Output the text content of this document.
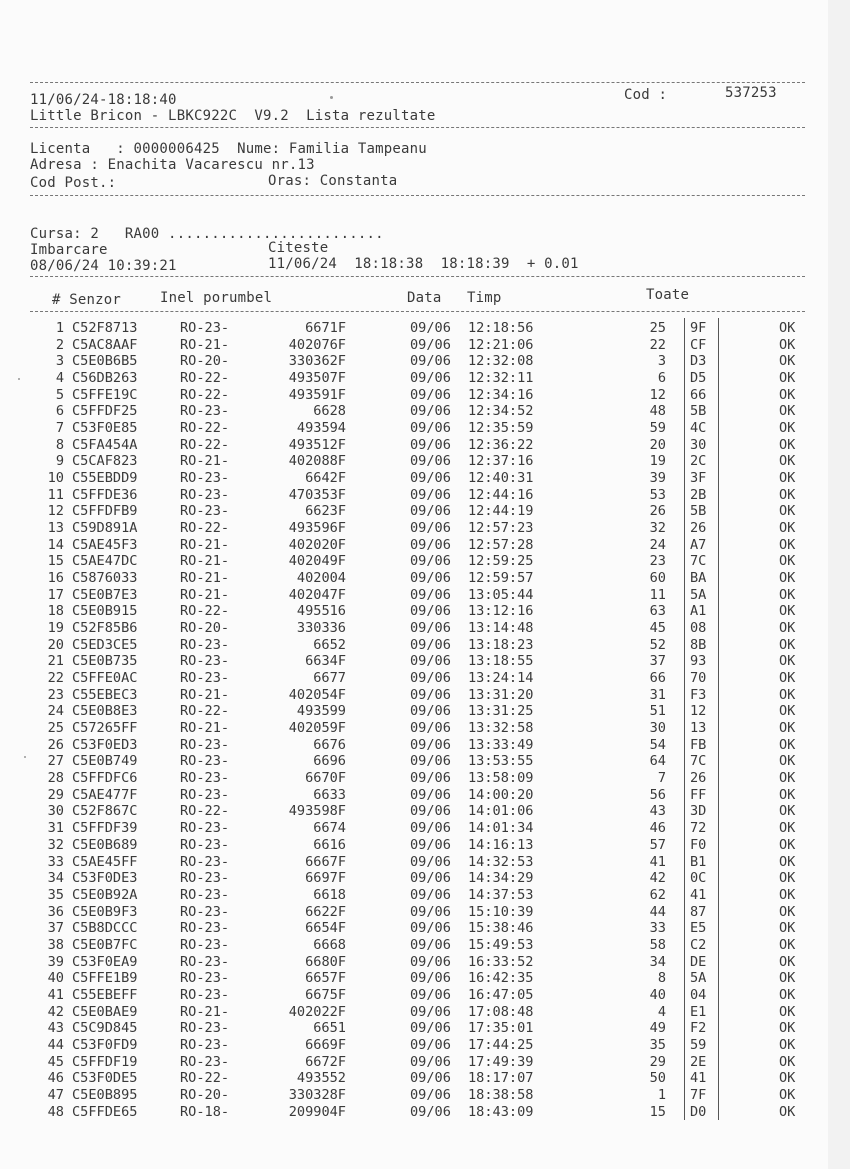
11/06/24-18:18:40	Cod :	537253
Little Bricon - LBKC922C  V9.2  Lista rezultate
Licenta   : 0000006425  Nume: Familia Tampeanu
Adresa : Enachita Vacarescu nr.13
Cod Post.:	Oras: Constanta
Cursa: 2   RA00 .........................
Imbarcare	Citeste
08/06/24 10:39:21	11/06/24  18:18:38  18:18:39  + 0.01
# Senzor	Inel porumbel	Data Timp	Toate
1 C52F8713	RO-23-	6671F	09/06 12:18:56	25 9F	OK
2 C5AC8AAF	RO-21-	402076F	09/06 12:21:06	22 CF	OK
3 C5E0B6B5	RO-20-	330362F	09/06 12:32:08	3 D3	OK
4 C56DB263	RO-22-	493507F	09/06 12:32:11	6 D5	OK
5 C5FFE19C	RO-22-	493591F	09/06 12:34:16	12 66	OK
6 C5FFDF25	RO-23-	6628	09/06 12:34:52	48 5B	OK
7 C53F0E85	RO-22-	493594	09/06 12:35:59	59 4C	OK
8 C5FA454A	RO-22-	493512F	09/06 12:36:22	20 30	OK
9 C5CAF823	RO-21-	402088F	09/06 12:37:16	19 2C	OK
10 C55EBDD9	RO-23-	6642F	09/06 12:40:31	39 3F	OK
11 C5FFDE36	RO-23-	470353F	09/06 12:44:16	53 2B	OK
12 C5FFDFB9	RO-23-	6623F	09/06 12:44:19	26 5B	OK
13 C59D891A	RO-22-	493596F	09/06 12:57:23	32 26	OK
14 C5AE45F3	RO-21-	402020F	09/06 12:57:28	24 A7	OK
15 C5AE47DC	RO-21-	402049F	09/06 12:59:25	23 7C	OK
16 C5876033	RO-21-	402004	09/06 12:59:57	60 BA	OK
17 C5E0B7E3	RO-21-	402047F	09/06 13:05:44	11 5A	OK
18 C5E0B915	RO-22-	495516	09/06 13:12:16	63 A1	OK
19 C52F85B6	RO-20-	330336	09/06 13:14:48	45 08	OK
20 C5ED3CE5	RO-23-	6652	09/06 13:18:23	52 8B	OK
21 C5E0B735	RO-23-	6634F	09/06 13:18:55	37 93	OK
22 C5FFE0AC	RO-23-	6677	09/06 13:24:14	66 70	OK
23 C55EBEC3	RO-21-	402054F	09/06 13:31:20	31 F3	OK
24 C5E0B8E3	RO-22-	493599	09/06 13:31:25	51 12	OK
25 C57265FF	RO-21-	402059F	09/06 13:32:58	30 13	OK
26 C53F0ED3	RO-23-	6676	09/06 13:33:49	54 FB	OK
27 C5E0B749	RO-23-	6696	09/06 13:53:55	64 7C	OK
28 C5FFDFC6	RO-23-	6670F	09/06 13:58:09	7 26	OK
29 C5AE477F	RO-23-	6633	09/06 14:00:20	56 FF	OK
30 C52F867C	RO-22-	493598F	09/06 14:01:06	43 3D	OK
31 C5FFDF39	RO-23-	6674	09/06 14:01:34	46 72	OK
32 C5E0B689	RO-23-	6616	09/06 14:16:13	57 F0	OK
33 C5AE45FF	RO-23-	6667F	09/06 14:32:53	41 B1	OK
34 C53F0DE3	RO-23-	6697F	09/06 14:34:29	42 0C	OK
35 C5E0B92A	RO-23-	6618	09/06 14:37:53	62 41	OK
36 C5E0B9F3	RO-23-	6622F	09/06 15:10:39	44 87	OK
37 C5B8DCCC	RO-23-	6654F	09/06 15:38:46	33 E5	OK
38 C5E0B7FC	RO-23-	6668	09/06 15:49:53	58 C2	OK
39 C53F0EA9	RO-23-	6680F	09/06 16:33:52	34 DE	OK
40 C5FFE1B9	RO-23-	6657F	09/06 16:42:35	8 5A	OK
41 C55EBEFF	RO-23-	6675F	09/06 16:47:05	40 04	OK
42 C5E0BAE9	RO-21-	402022F	09/06 17:08:48	4 E1	OK
43 C5C9D845	RO-23-	6651	09/06 17:35:01	49 F2	OK
44 C53F0FD9	RO-23-	6669F	09/06 17:44:25	35 59	OK
45 C5FFDF19	RO-23-	6672F	09/06 17:49:39	29 2E	OK
46 C53F0DE5	RO-22-	493552	09/06 18:17:07	50 41	OK
47 C5E0B895	RO-20-	330328F	09/06 18:38:58	1 7F	OK
48 C5FFDE65	RO-18-	209904F	09/06 18:43:09	15 D0	OK
